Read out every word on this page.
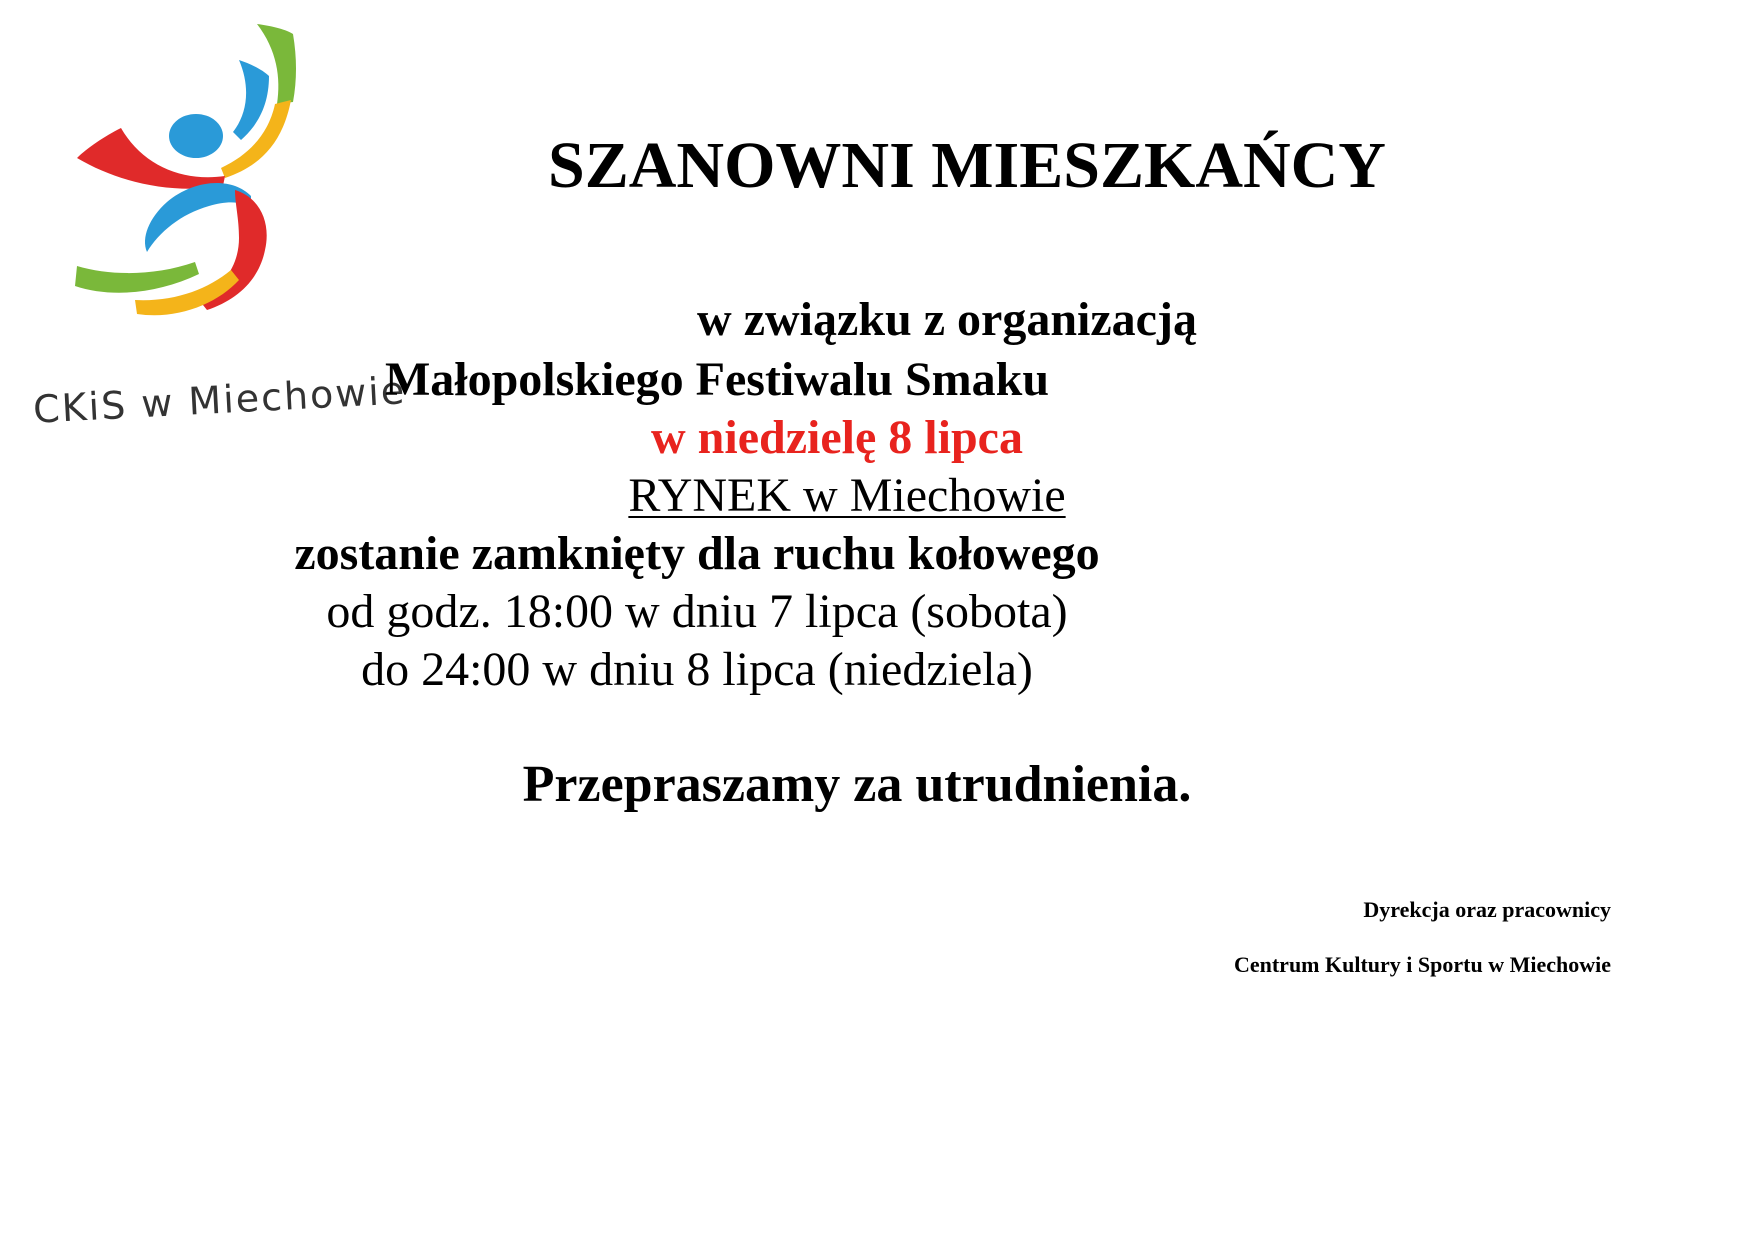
CKiS w Miechowie
SZANOWNI MIESZKAŃCY
w związku z organizacją
Małopolskiego Festiwalu Smaku
w niedzielę 8 lipca
RYNEK w Miechowie
zostanie zamknięty dla ruchu kołowego
od godz. 18:00 w dniu 7 lipca (sobota)
do 24:00 w dniu 8 lipca (niedziela)
Przepraszamy za utrudnienia.
Dyrekcja oraz pracownicy
Centrum Kultury i Sportu w Miechowie
